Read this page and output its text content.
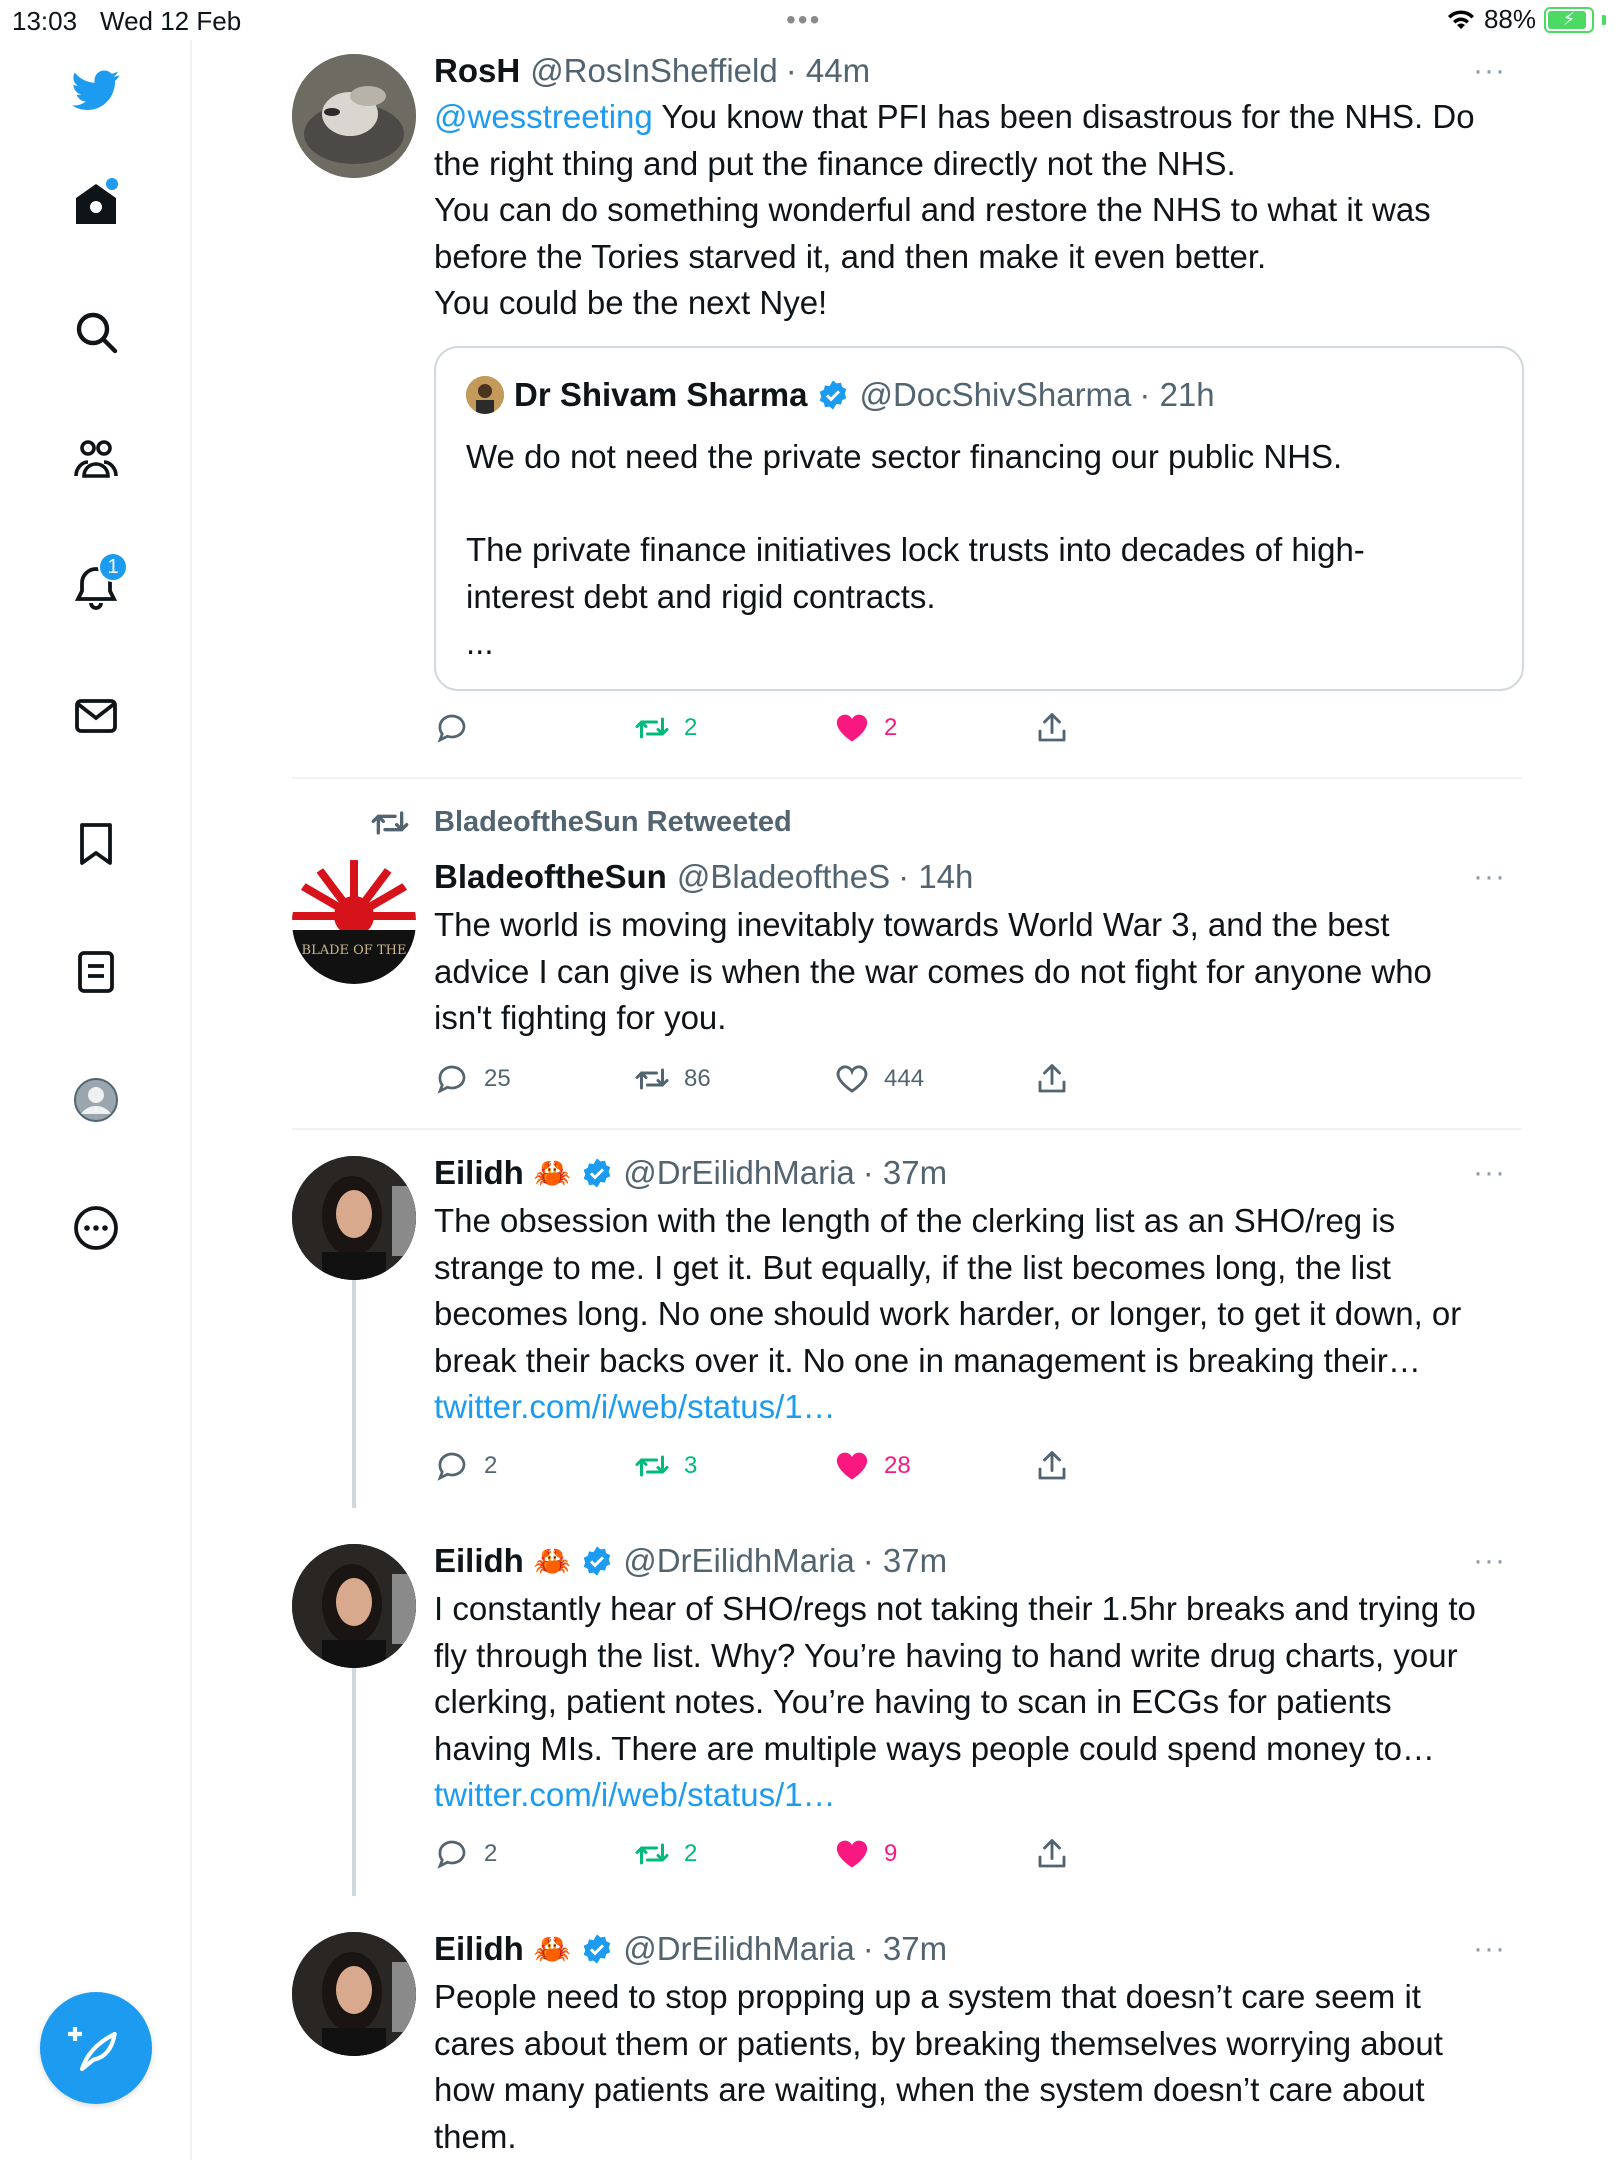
13:03 Wed 12 Feb	•••	88% ⚡
1
RosH @RosInSheffield · 44m	···
@wesstreeting You know that PFI has been disastrous for the NHS. Do
the right thing and put the finance directly not the NHS.
You can do something wonderful and restore the NHS to what it was
before the Tories starved it, and then make it even better.
You could be the next Nye!
Dr Shivam Sharma @DocShivSharma · 21h
We do not need the private sector financing our public NHS.

The private finance initiatives lock trusts into decades of high-
interest debt and rigid contracts.
...
2	2
BladeoftheSun Retweeted
BLADE OF THE
BladeoftheSun @BladeoftheS · 14h	···
The world is moving inevitably towards World War 3, and the best
advice I can give is when the war comes do not fight for anyone who
isn't fighting for you.
25	86	444
Eilidh 🦀 @DrEilidhMaria · 37m	···
The obsession with the length of the clerking list as an SHO/reg is
strange to me. I get it. But equally, if the list becomes long, the list
becomes long. No one should work harder, or longer, to get it down, or
break their backs over it. No one in management is breaking their…
twitter.com/i/web/status/1…
2	3	28
Eilidh 🦀 @DrEilidhMaria · 37m	···
I constantly hear of SHO/regs not taking their 1.5hr breaks and trying to
fly through the list. Why? You’re having to hand write drug charts, your
clerking, patient notes. You’re having to scan in ECGs for patients
having MIs. There are multiple ways people could spend money to…
twitter.com/i/web/status/1…
2	2	9
Eilidh 🦀 @DrEilidhMaria · 37m	···
People need to stop propping up a system that doesn’t care seem it
cares about them or patients, by breaking themselves worrying about
how many patients are waiting, when the system doesn’t care about
them.
